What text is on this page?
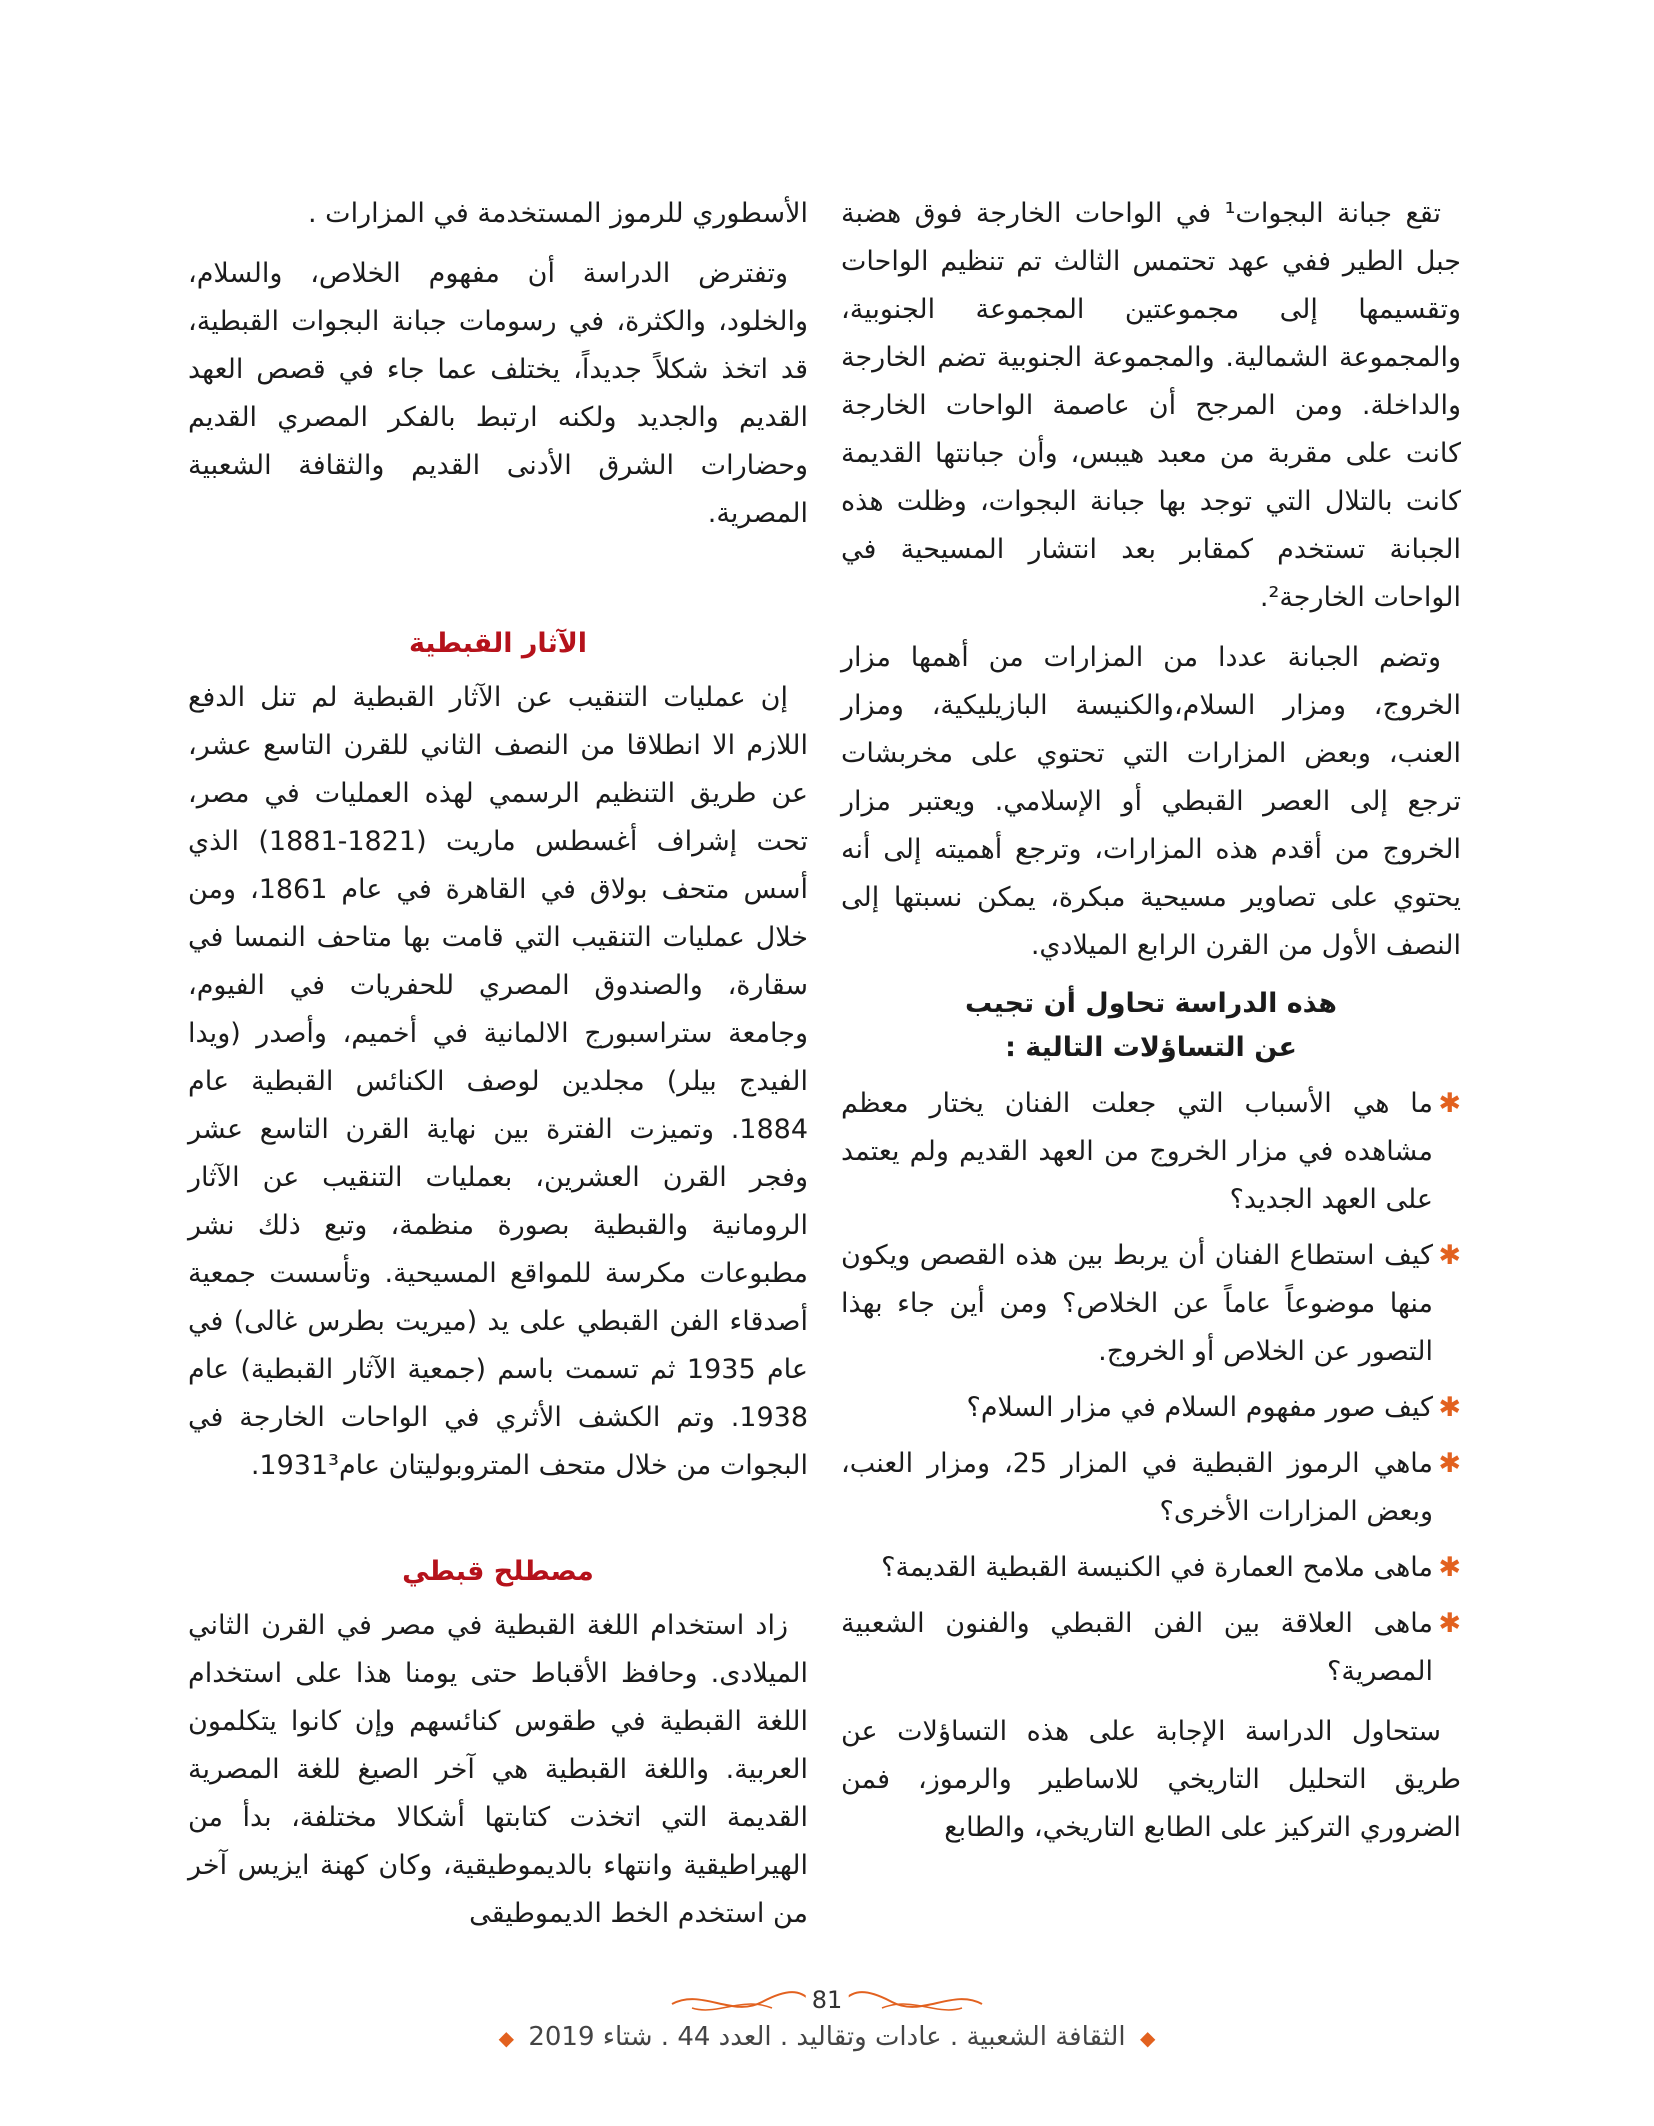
تقع جبانة البجوات¹ في الواحات الخارجة فوق هضبة جبل الطير ففي عهد تحتمس الثالث تم تنظيم الواحات وتقسيمها إلى مجموعتين المجموعة الجنوبية، والمجموعة الشمالية. والمجموعة الجنوبية تضم الخارجة والداخلة. ومن المرجح أن عاصمة الواحات الخارجة كانت على مقربة من معبد هيبس، وأن جبانتها القديمة كانت بالتلال التي توجد بها جبانة البجوات، وظلت هذه الجبانة تستخدم كمقابر بعد انتشار المسيحية في الواحات الخارجة².

وتضم الجبانة عددا من المزارات من أهمها مزار الخروج، ومزار السلام،والكنيسة البازيليكية، ومزار العنب، وبعض المزارات التي تحتوي على مخربشات ترجع إلى العصر القبطي أو الإسلامي. ويعتبر مزار الخروج من أقدم هذه المزارات، وترجع أهميته إلى أنه يحتوي على تصاوير مسيحية مبكرة، يمكن نسبتها إلى النصف الأول من القرن الرابع الميلادي.

هذه الدراسة تحاول أن تجيب

عن التساؤلات التالية :

✱
ما هي الأسباب التي جعلت الفنان يختار معظم مشاهده في مزار الخروج من العهد القديم ولم يعتمد على العهد الجديد؟
✱
كيف استطاع الفنان أن يربط بين هذه القصص ويكون منها موضوعاً عاماً عن الخلاص؟ ومن أين جاء بهذا التصور عن الخلاص أو الخروج.
✱
كيف صور مفهوم السلام في مزار السلام؟
✱
ماهي الرموز القبطية في المزار 25، ومزار العنب، وبعض المزارات الأخرى؟
✱
ماهى ملامح العمارة في الكنيسة القبطية القديمة؟
✱
ماهى العلاقة بين الفن القبطي والفنون الشعبية المصرية؟

ستحاول الدراسة الإجابة على هذه التساؤلات عن طريق التحليل التاريخي للاساطير والرموز، فمن الضروري التركيز على الطابع التاريخي، والطابع

الأسطوري للرموز المستخدمة في المزارات .

وتفترض الدراسة أن مفهوم الخلاص، والسلام، والخلود، والكثرة، في رسومات جبانة البجوات القبطية، قد اتخذ شكلاً جديداً، يختلف عما جاء في قصص العهد القديم والجديد ولكنه ارتبط بالفكر المصري القديم وحضارات الشرق الأدنى القديم والثقافة الشعبية المصرية.

الآثار القبطية

إن عمليات التنقيب عن الآثار القبطية لم تنل الدفع اللازم الا انطلاقا من النصف الثاني للقرن التاسع عشر، عن طريق التنظيم الرسمي لهذه العمليات في مصر، تحت إشراف أغسطس ماريت (1821-1881) الذي أسس متحف بولاق في القاهرة في عام 1861، ومن خلال عمليات التنقيب التي قامت بها متاحف النمسا في سقارة، والصندوق المصري للحفريات في الفيوم، وجامعة ستراسبورج الالمانية في أخميم، وأصدر (ويدا الفيدج بيلر) مجلدين لوصف الكنائس القبطية عام 1884. وتميزت الفترة بين نهاية القرن التاسع عشر وفجر القرن العشرين، بعمليات التنقيب عن الآثار الرومانية والقبطية بصورة منظمة، وتبع ذلك نشر مطبوعات مكرسة للمواقع المسيحية. وتأسست جمعية أصدقاء الفن القبطي على يد (ميريت بطرس غالى) في عام 1935 ثم تسمت باسم (جمعية الآثار القبطية) عام 1938. وتم الكشف الأثري في الواحات الخارجة في البجوات من خلال متحف المتروبوليتان عام1931³.

مصطلح قبطي

زاد استخدام اللغة القبطية في مصر في القرن الثاني الميلادى. وحافظ الأقباط حتى يومنا هذا على استخدام اللغة القبطية في طقوس كنائسهم وإن كانوا يتكلمون العربية. واللغة القبطية هي آخر الصيغ للغة المصرية القديمة التي اتخذت كتابتها أشكالا مختلفة، بدأ من الهيراطيقية وانتهاء بالديموطيقية، وكان كهنة ايزيس آخر من استخدم الخط الديموطيقى

81
◆ الثقافة الشعبية . عادات وتقاليد . العدد 44 . شتاء 2019 ◆
